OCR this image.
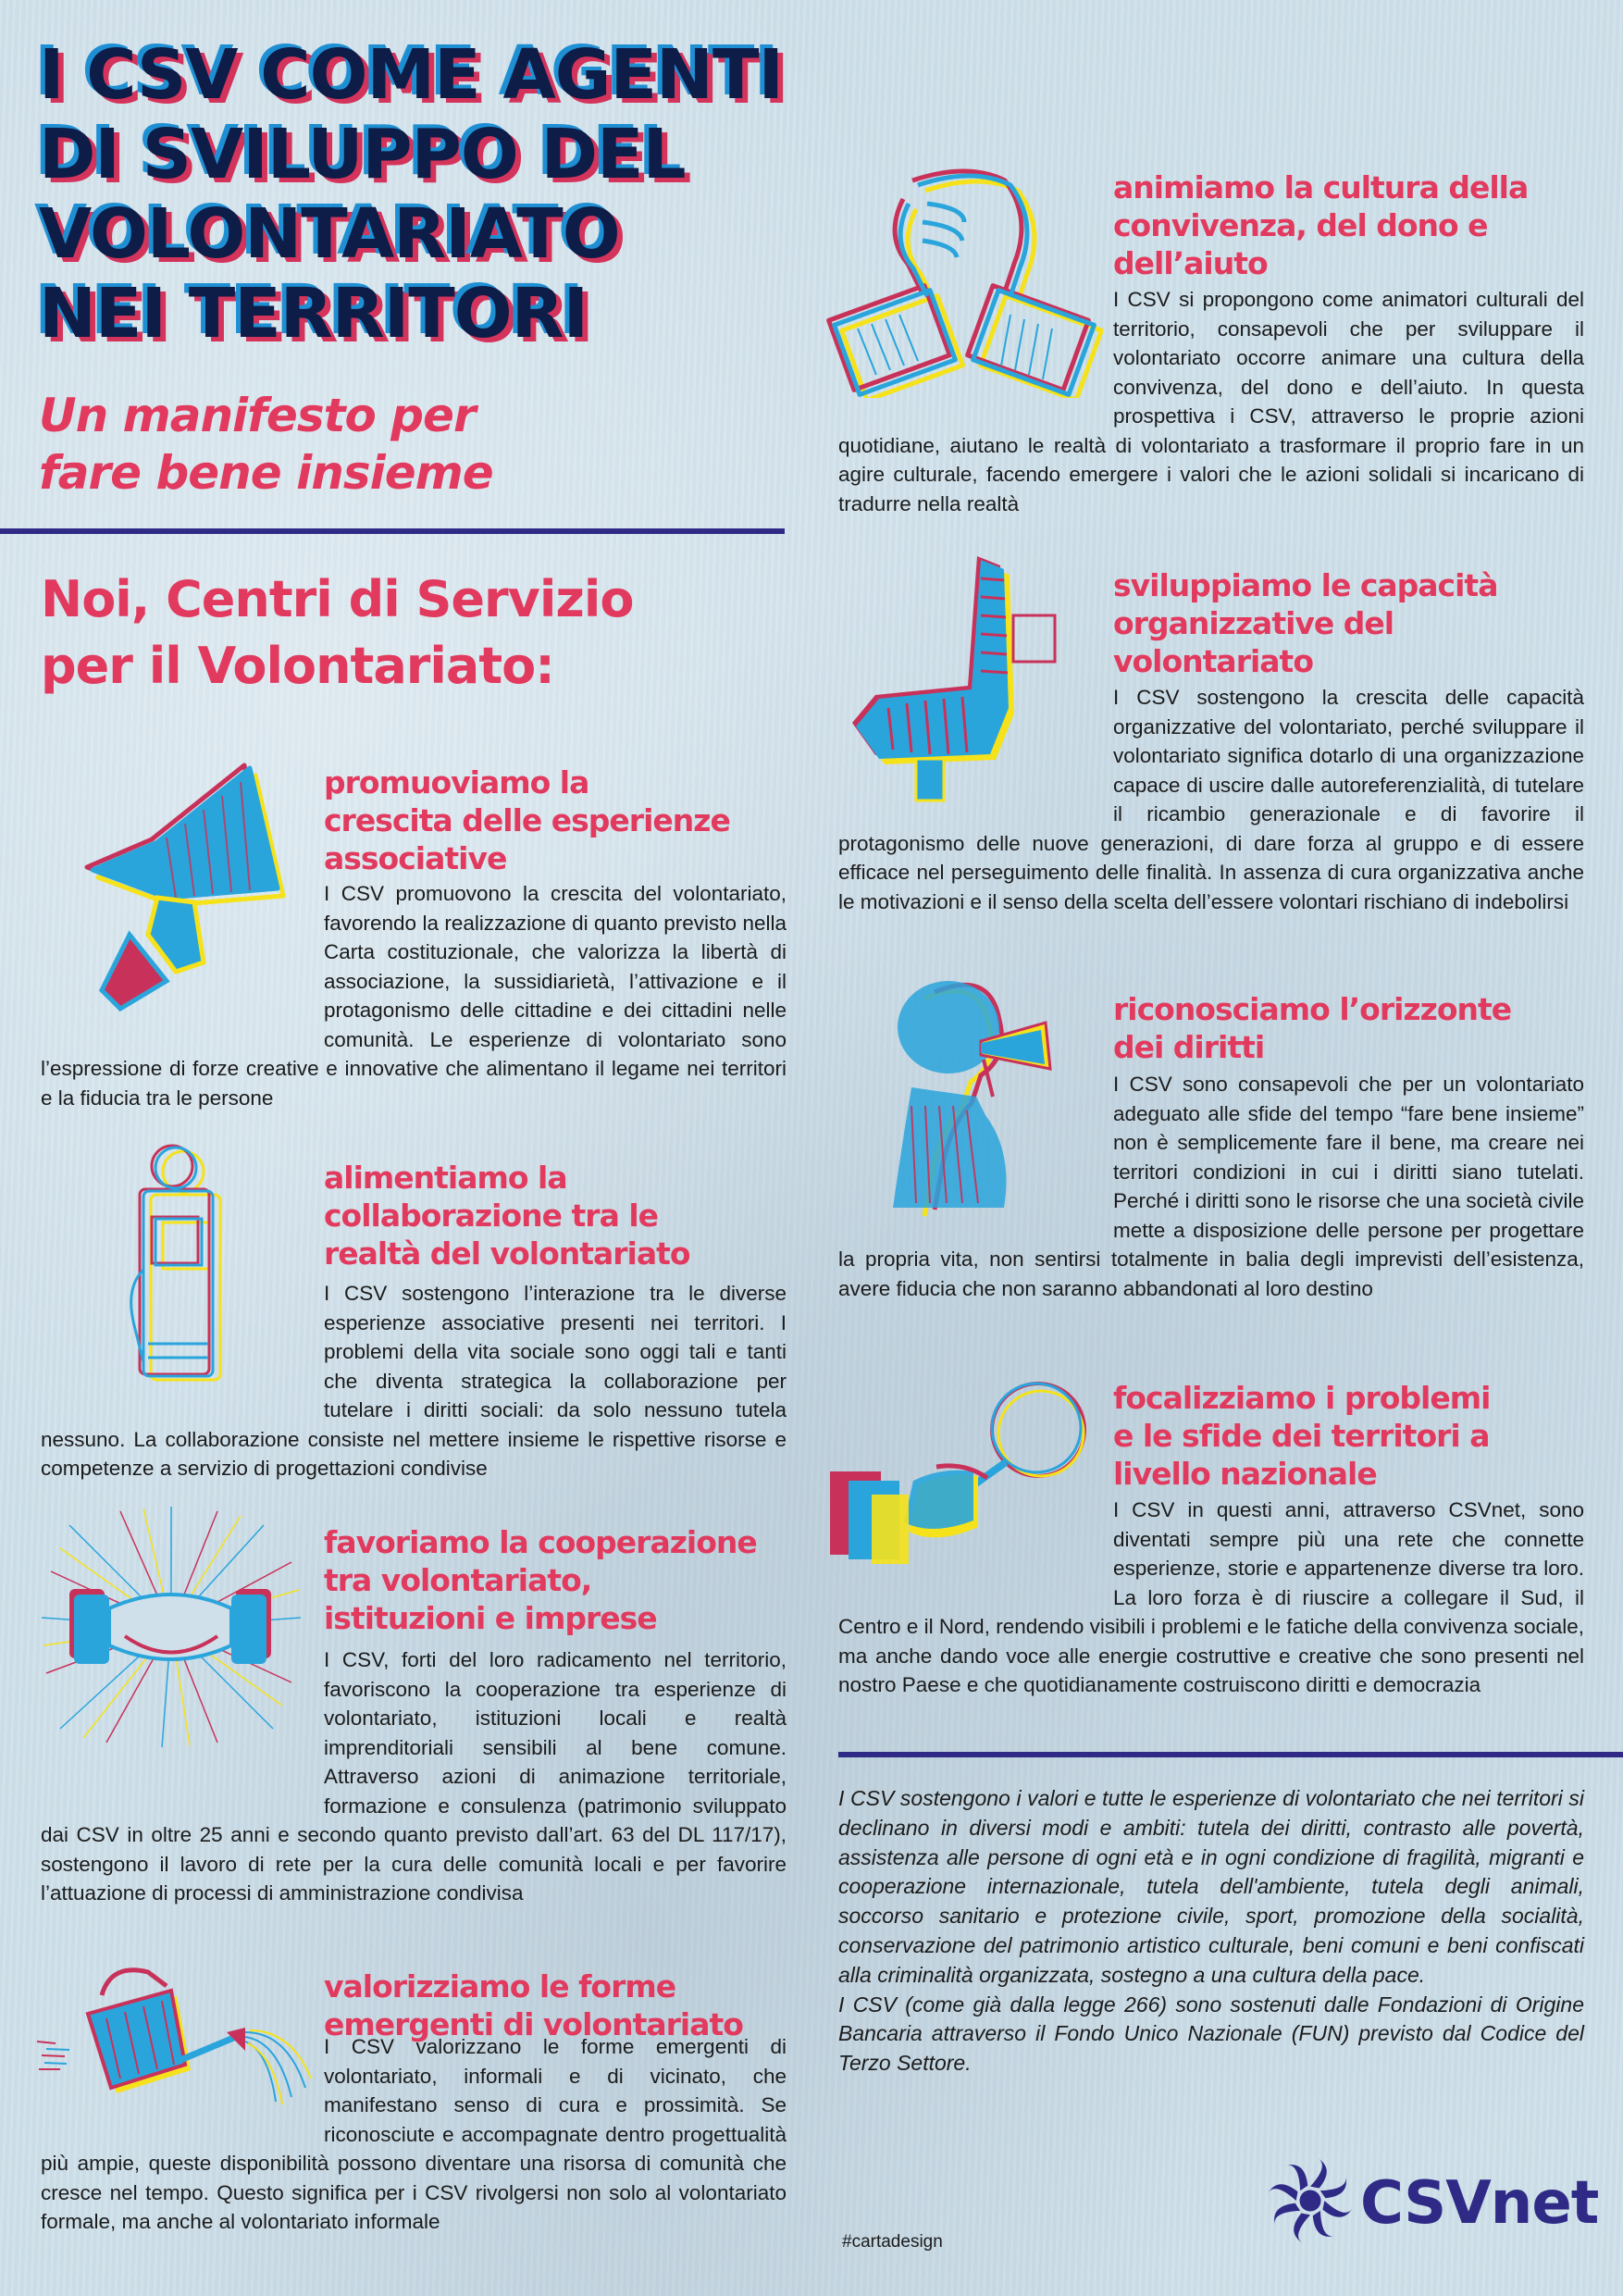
I CSV COME AGENTI
DI SVILUPPO DEL
VOLONTARIATO
NEI TERRITORI
Un manifesto per
fare bene insieme
Noi, Centri di Servizio
per il Volontariato:
promuoviamo la
crescita delle esperienze
associative

I CSV promuovono la crescita del volontariato, favorendo la realizzazione di quanto previsto nella Carta costituzionale, che valorizza la libertà di associazione, la sussidiarietà, l’attivazione e il protagonismo delle cittadine e dei cittadini nelle comunità. Le esperienze di volontariato sono l’espressione di forze creative e innovative che alimentano il legame nei territori e la fiducia tra le persone

alimentiamo la
collaborazione tra le
realtà del volontariato

I CSV sostengono l’interazione tra le diverse esperienze associative presenti nei territori. I problemi della vita sociale sono oggi tali e tanti che diventa strategica la collaborazione per tutelare i diritti sociali: da solo nessuno tutela nessuno. La collaborazione consiste nel mettere insieme le rispettive risorse e competenze a servizio di progettazioni condivise

favoriamo la cooperazione
tra volontariato,
istituzioni e imprese

I CSV, forti del loro radicamento nel territorio, favoriscono la cooperazione tra esperienze di volontariato, istituzioni locali e realtà imprenditoriali sensibili al bene comune. Attraverso azioni di animazione territoriale, formazione e consulenza (patrimonio sviluppato dai CSV in oltre 25 anni e secondo quanto previsto dall’art. 63 del DL 117/17), sostengono il lavoro di rete per la cura delle comunità locali e per favorire l’attuazione di processi di amministrazione condivisa

valorizziamo le forme
emergenti di volontariato

I CSV valorizzano le forme emergenti di volontariato, informali e di vicinato, che manifestano senso di cura e prossimità. Se riconosciute e accompagnate dentro progettualità più ampie, queste disponibilità possono diventare una risorsa di comunità che cresce nel tempo. Questo significa per i CSV rivolgersi non solo al volontariato formale, ma anche al volontariato informale

animiamo la cultura della
convivenza, del dono e
dell’aiuto

I CSV si propongono come animatori culturali del territorio, consapevoli che per sviluppare il volontariato occorre animare una cultura della convivenza, del dono e dell’aiuto. In questa prospettiva i CSV, attraverso le proprie azioni quotidiane, aiutano le realtà di volontariato a trasformare il proprio fare in un agire culturale, facendo emergere i valori che le azioni solidali si incaricano di tradurre nella realtà

sviluppiamo le capacità
organizzative del
volontariato

I CSV sostengono la crescita delle capacità organizzative del volontariato, perché sviluppare il volontariato significa dotarlo di una organizzazione capace di uscire dalle autoreferenzialità, di tutelare il ricambio generazionale e di favorire il protagonismo delle nuove generazioni, di dare forza al gruppo e di essere efficace nel perseguimento delle finalità. In assenza di cura organizzativa anche le motivazioni e il senso della scelta dell’essere volontari rischiano di indebolirsi

riconosciamo l’orizzonte
dei diritti

I CSV sono consapevoli che per un volontariato adeguato alle sfide del tempo “fare bene insieme” non è semplicemente fare il bene, ma creare nei territori condizioni in cui i diritti siano tutelati. Perché i diritti sono le risorse che una società civile mette a disposizione delle persone per progettare la propria vita, non sentirsi totalmente in balia degli imprevisti dell’esistenza, avere fiducia che non saranno abbandonati al loro destino

focalizziamo i problemi
e le sfide dei territori a
livello nazionale

I CSV in questi anni, attraverso CSVnet, sono diventati sempre più una rete che connette esperienze, storie e appartenenze diverse tra loro. La loro forza è di riuscire a collegare il Sud, il Centro e il Nord, rendendo visibili i problemi e le fatiche della convivenza sociale, ma anche dando voce alle energie costruttive e creative che sono presenti nel nostro Paese e che quotidianamente costruiscono diritti e democrazia

I CSV sostengono i valori e tutte le esperienze di volontariato che nei territori si declinano in diversi modi e ambiti: tutela dei diritti, contrasto alle povertà, assistenza alle persone di ogni età e in ogni condizione di fragilità, migranti e cooperazione internazionale, tutela dell'ambiente, tutela degli animali, soccorso sanitario e protezione civile, sport, promozione della socialità, conservazione del patrimonio artistico culturale, beni comuni e beni confiscati alla criminalità organizzata, sostegno a una cultura della pace.

I CSV (come già dalla legge 266) sono sostenuti dalle Fondazioni di Origine Bancaria attraverso il Fondo Unico Nazionale (FUN) previsto dal Codice del Terzo Settore.

#cartadesign
CSVnet
